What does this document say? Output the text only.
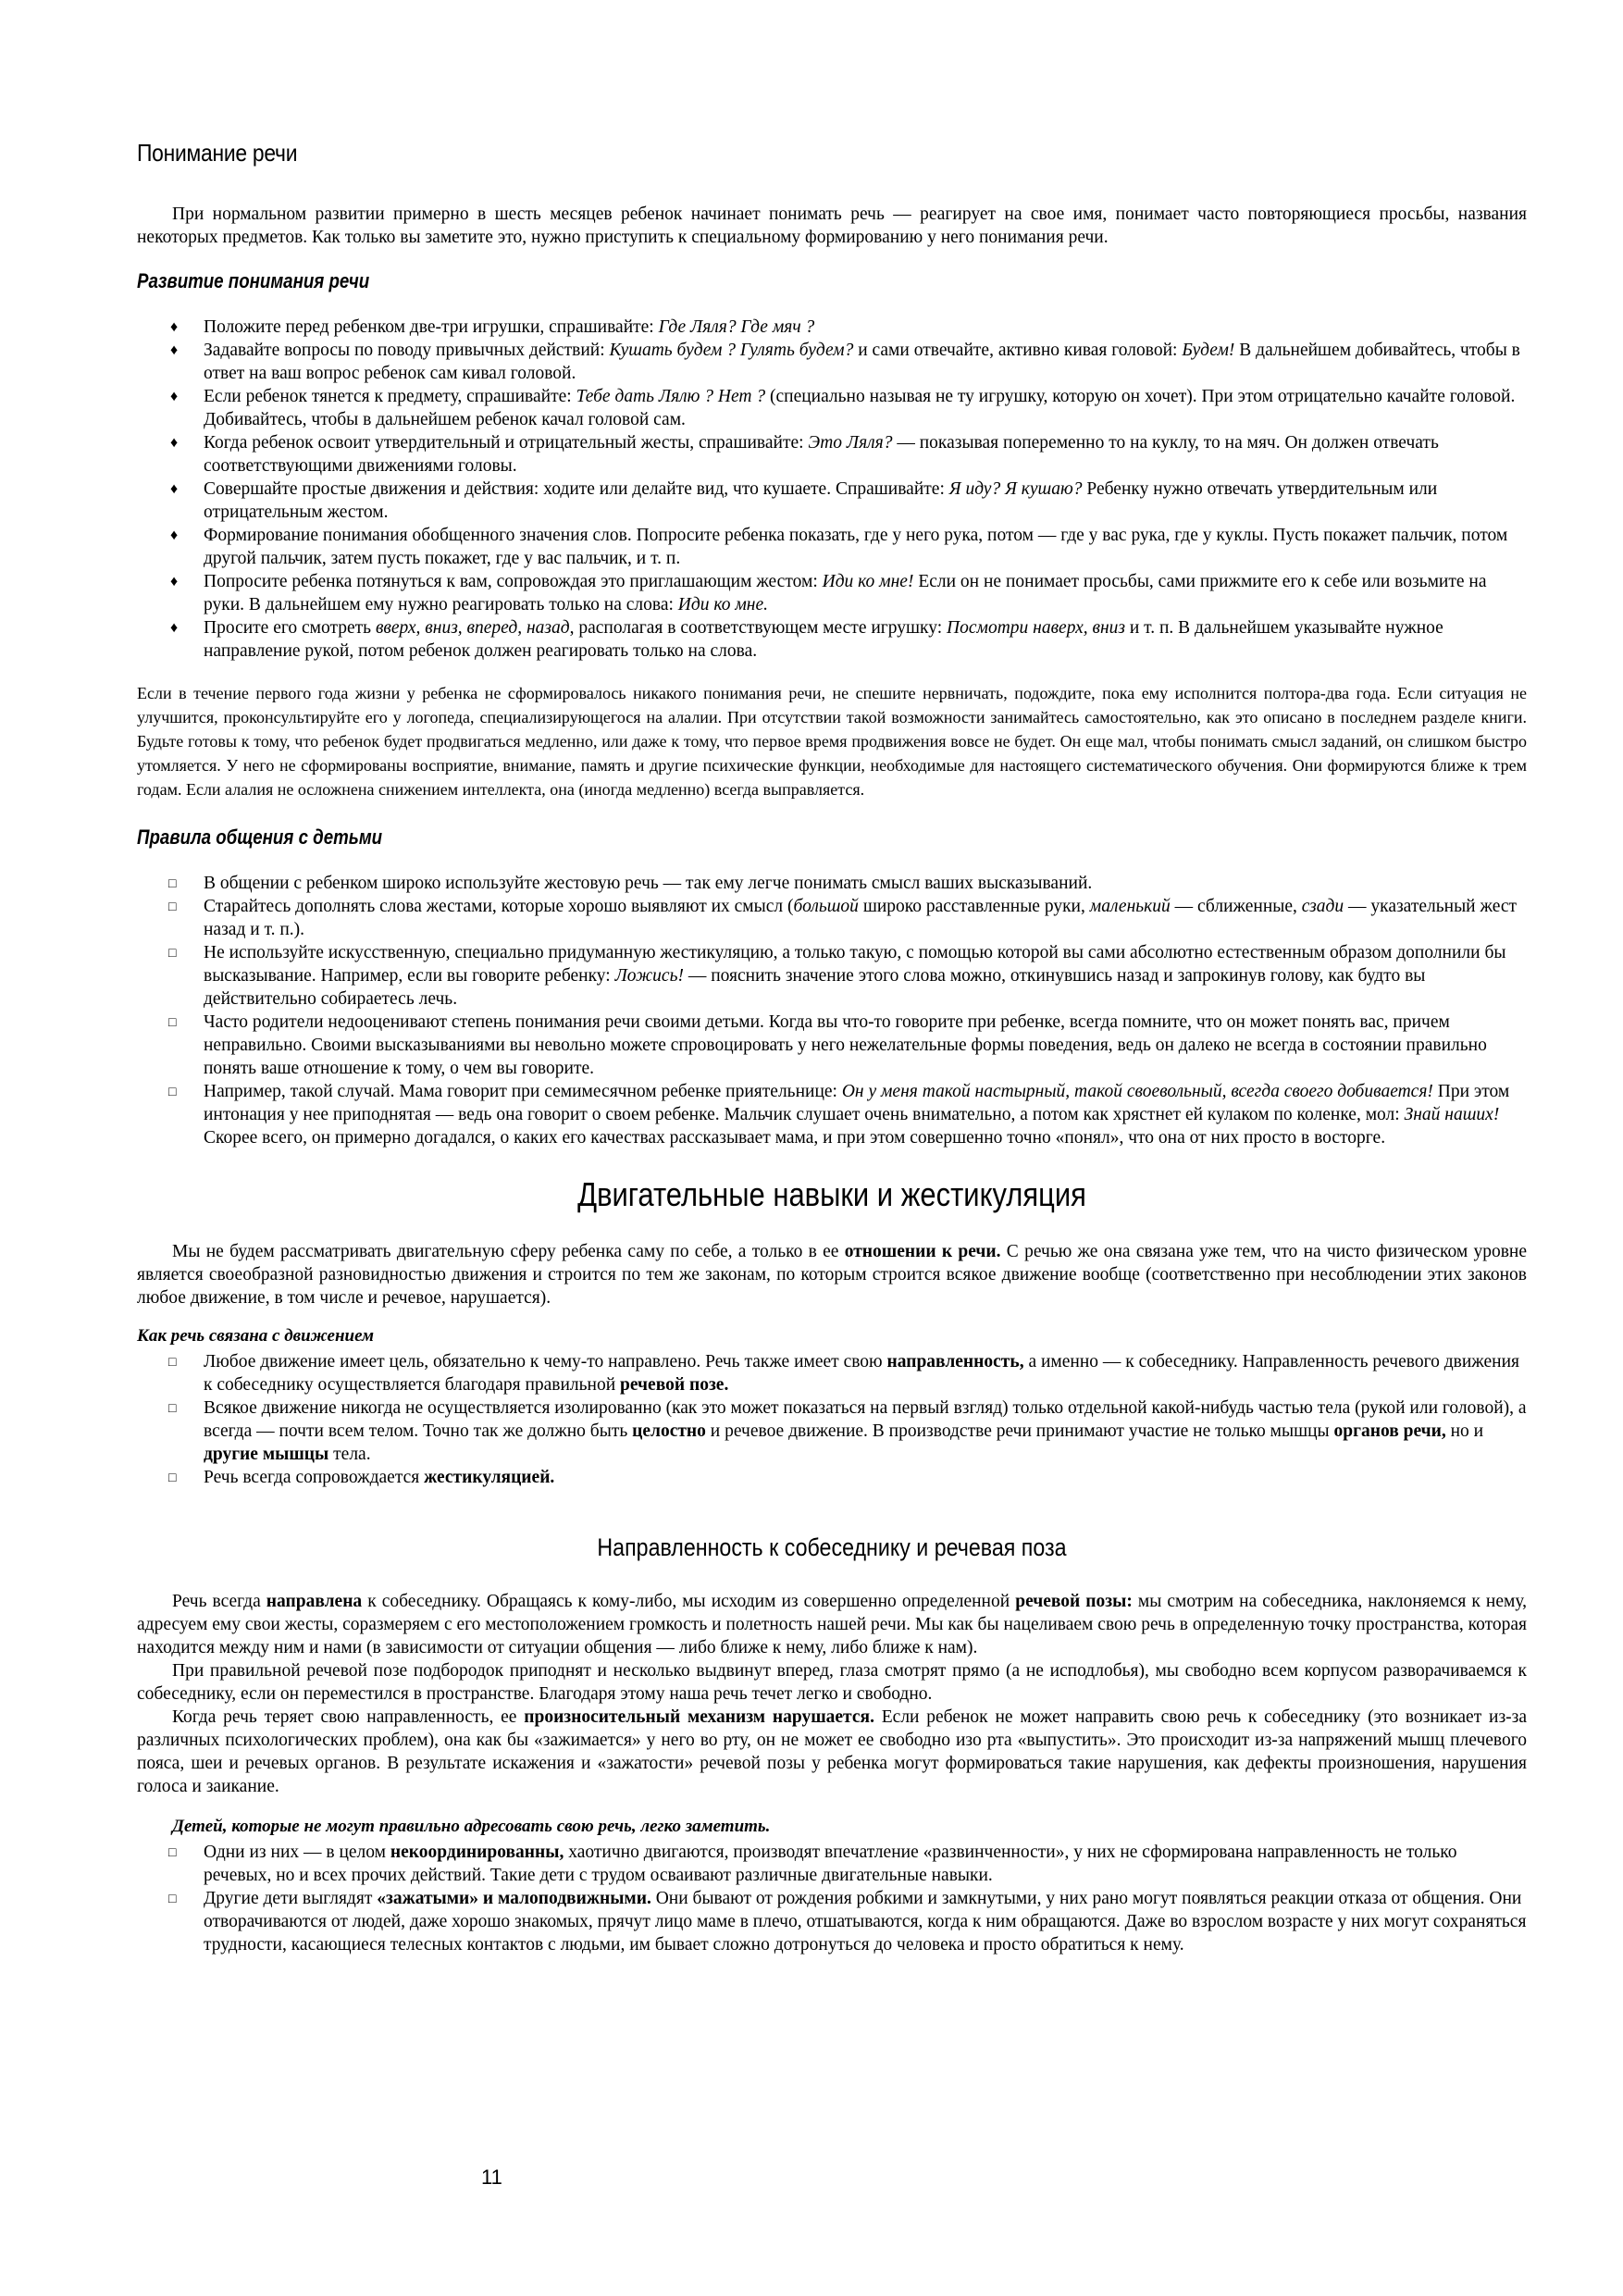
Понимание речи

При нормальном развитии примерно в шесть месяцев ребенок начинает понимать речь — реагирует на свое имя, понимает часто повторяющиеся просьбы, названия некоторых предметов. Как только вы заметите это, нужно приступить к специальному формированию у него понимания речи.

Развитие понимания речи
♦ Положите перед ребенком две-три игрушки, спрашивайте: Где Ляля? Где мяч ?
♦ Задавайте вопросы по поводу привычных действий: Кушать будем ? Гулять будем? и сами отвечайте, активно кивая головой: Будем! В дальнейшем добивайтесь, чтобы в ответ на ваш вопрос ребенок сам кивал головой.
♦ Если ребенок тянется к предмету, спрашивайте: Тебе дать Лялю ? Нет ? (специально называя не ту игрушку, которую он хочет). При этом отрицательно качайте головой. Добивайтесь, чтобы в дальнейшем ребенок качал головой сам.
♦ Когда ребенок освоит утвердительный и отрицательный жесты, спрашивайте: Это Ляля? — показывая попеременно то на куклу, то на мяч. Он должен отвечать соответствующими движениями головы.
♦ Совершайте простые движения и действия: ходите или делайте вид, что кушаете. Спрашивайте: Я иду? Я кушаю? Ребенку нужно отвечать утвердительным или отрицательным жестом.
♦ Формирование понимания обобщенного значения слов. Попросите ребенка показать, где у него рука, потом — где у вас рука, где у куклы. Пусть покажет пальчик, потом другой пальчик, затем пусть покажет, где у вас пальчик, и т. п.
♦ Попросите ребенка потянуться к вам, сопровождая это приглашающим жестом: Иди ко мне! Если он не понимает просьбы, сами прижмите его к себе или возьмите на руки. В дальнейшем ему нужно реагировать только на слова: Иди ко мне.
♦ Просите его смотреть вверх, вниз, вперед, назад, располагая в соответствующем месте игрушку: Посмотри наверх, вниз и т. п. В дальнейшем указывайте нужное направление рукой, потом ребенок должен реагировать только на слова.

Если в течение первого года жизни у ребенка не сформировалось никакого понимания речи, не спешите нервничать, подождите, пока ему исполнится полтора-два года. Если ситуация не улучшится, проконсультируйте его у логопеда, специализирующегося на алалии. При отсутствии такой возможности занимайтесь самостоятельно, как это описано в последнем разделе книги. Будьте готовы к тому, что ребенок будет продвигаться медленно, или даже к тому, что первое время продвижения вовсе не будет. Он еще мал, чтобы понимать смысл заданий, он слишком быстро утомляется. У него не сформированы восприятие, внимание, память и другие психические функции, необходимые для настоящего систематического обучения. Они формируются ближе к трем годам. Если алалия не осложнена снижением интеллекта, она (иногда медленно) всегда выправляется.

Правила общения с детьми
□ В общении с ребенком широко используйте жестовую речь — так ему легче понимать смысл ваших высказываний.
□ Старайтесь дополнять слова жестами, которые хорошо выявляют их смысл (большой широко расставленные руки, маленький — сближенные, сзади — указательный жест назад и т. п.).
□ Не используйте искусственную, специально придуманную жестикуляцию, а только такую, с помощью которой вы сами абсолютно естественным образом дополнили бы высказывание. Например, если вы говорите ребенку: Ложись! — пояснить значение этого слова можно, откинувшись назад и запрокинув голову, как будто вы действительно собираетесь лечь.
□ Часто родители недооценивают степень понимания речи своими детьми. Когда вы что-то говорите при ребенке, всегда помните, что он может понять вас, причем неправильно. Своими высказываниями вы невольно можете спровоцировать у него нежелательные формы поведения, ведь он далеко не всегда в состоянии правильно понять ваше отношение к тому, о чем вы говорите.
□ Например, такой случай. Мама говорит при семимесячном ребенке приятельнице: Он у меня такой настырный, такой своевольный, всегда своего добивается! При этом интонация у нее приподнятая — ведь она говорит о своем ребенке. Мальчик слушает очень внимательно, а потом как хрястнет ей кулаком по коленке, мол: Знай наших! Скорее всего, он примерно догадался, о каких его качествах рассказывает мама, и при этом совершенно точно «понял», что она от них просто в восторге.
Двигательные навыки и жестикуляция

Мы не будем рассматривать двигательную сферу ребенка саму по себе, а только в ее отношении к речи. С речью же она связана уже тем, что на чисто физическом уровне является своеобразной разновидностью движения и строится по тем же законам, по которым строится всякое движение вообще (соответственно при несоблюдении этих законов любое движение, в том числе и речевое, нарушается).

Как речь связана с движением
□ Любое движение имеет цель, обязательно к чему-то направлено. Речь также имеет свою направленность, а именно — к собеседнику. Направленность речевого движения к собеседнику осуществляется благодаря правильной речевой позе.
□ Всякое движение никогда не осуществляется изолированно (как это может показаться на первый взгляд) только отдельной какой-нибудь частью тела (рукой или головой), а всегда — почти всем телом. Точно так же должно быть целостно и речевое движение. В производстве речи принимают участие не только мышцы органов речи, но и другие мышцы тела.
□ Речь всегда сопровождается жестикуляцией.
Направленность к собеседнику и речевая поза

Речь всегда направлена к собеседнику. Обращаясь к кому-либо, мы исходим из совершенно определенной речевой позы: мы смотрим на собеседника, наклоняемся к нему, адресуем ему свои жесты, соразмеряем с его местоположением громкость и полетность нашей речи. Мы как бы нацеливаем свою речь в определенную точку пространства, которая находится между ним и нами (в зависимости от ситуации общения — либо ближе к нему, либо ближе к нам).

При правильной речевой позе подбородок приподнят и несколько выдвинут вперед, глаза смотрят прямо (а не исподлобья), мы свободно всем корпусом разворачиваемся к собеседнику, если он переместился в пространстве. Благодаря этому наша речь течет легко и свободно.

Когда речь теряет свою направленность, ее произносительный механизм нарушается. Если ребенок не может направить свою речь к собеседнику (это возникает из-за различных психологических проблем), она как бы «зажимается» у него во рту, он не может ее свободно изо рта «выпустить». Это происходит из-за напряжений мышц плечевого пояса, шеи и речевых органов. В результате искажения и «зажатости» речевой позы у ребенка могут формироваться такие нарушения, как дефекты произношения, нарушения голоса и заикание.

Детей, которые не могут правильно адресовать свою речь, легко заметить.
□ Одни из них — в целом некоординированны, хаотично двигаются, производят впечатление «развинченности», у них не сформирована направленность не только речевых, но и всех прочих действий. Такие дети с трудом осваивают различные двигательные навыки.
□ Другие дети выглядят «зажатыми» и малоподвижными. Они бывают от рождения робкими и замкнутыми, у них рано могут появляться реакции отказа от общения. Они отворачиваются от людей, даже хорошо знакомых, прячут лицо маме в плечо, отшатываются, когда к ним обращаются. Даже во взрослом возрасте у них могут сохраняться трудности, касающиеся телесных контактов с людьми, им бывает сложно дотронуться до человека и просто обратиться к нему.
11
